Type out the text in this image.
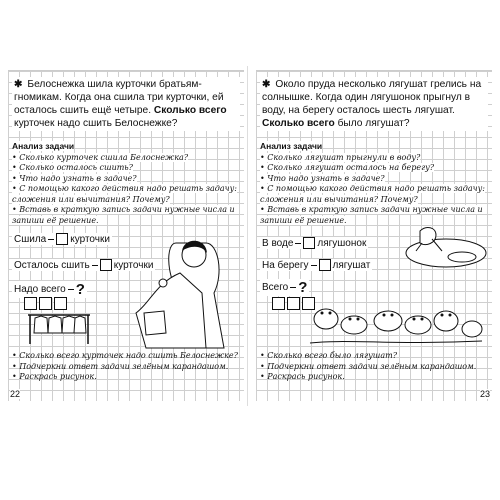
✱ Белоснежка шила курточки братьям-гномикам. Когда она сшила три курточки, ей осталось сшить ещё четыре. Сколько всего курточек надо сшить Белоснежке?
Анализ задачи
• Сколько курточек сшила Белоснежка?
• Сколько осталось сшить?
• Что надо узнать в задаче?
• С помощью какого действия надо решать задачу: сложения или вычитания? Почему?
• Вставь в краткую запись задачи нужные числа и запиши её решение.
Сшила курточки
Осталось сшить курточки
Надо всего ?
• Сколько всего курточек надо сшить Белоснежке?
• Подчеркни ответ задачи зелёным карандашом.
• Раскрась рисунок.
22
✱ Около пруда несколько лягушат грелись на солнышке. Когда один лягушонок прыгнул в воду, на берегу осталось шесть лягушат. Сколько всего было лягушат?
Анализ задачи
• Сколько лягушат прыгнули в воду?
• Сколько лягушат осталось на берегу?
• Что надо узнать в задаче?
• С помощью какого действия надо решать задачу: сложения или вычитания? Почему?
• Вставь в краткую запись задачи нужные числа и запиши её решение.
В воде лягушонок
На берегу лягушат
Всего ?
• Сколько всего было лягушат?
• Подчеркни ответ задачи зелёным карандашом.
• Раскрась рисунок.
23
